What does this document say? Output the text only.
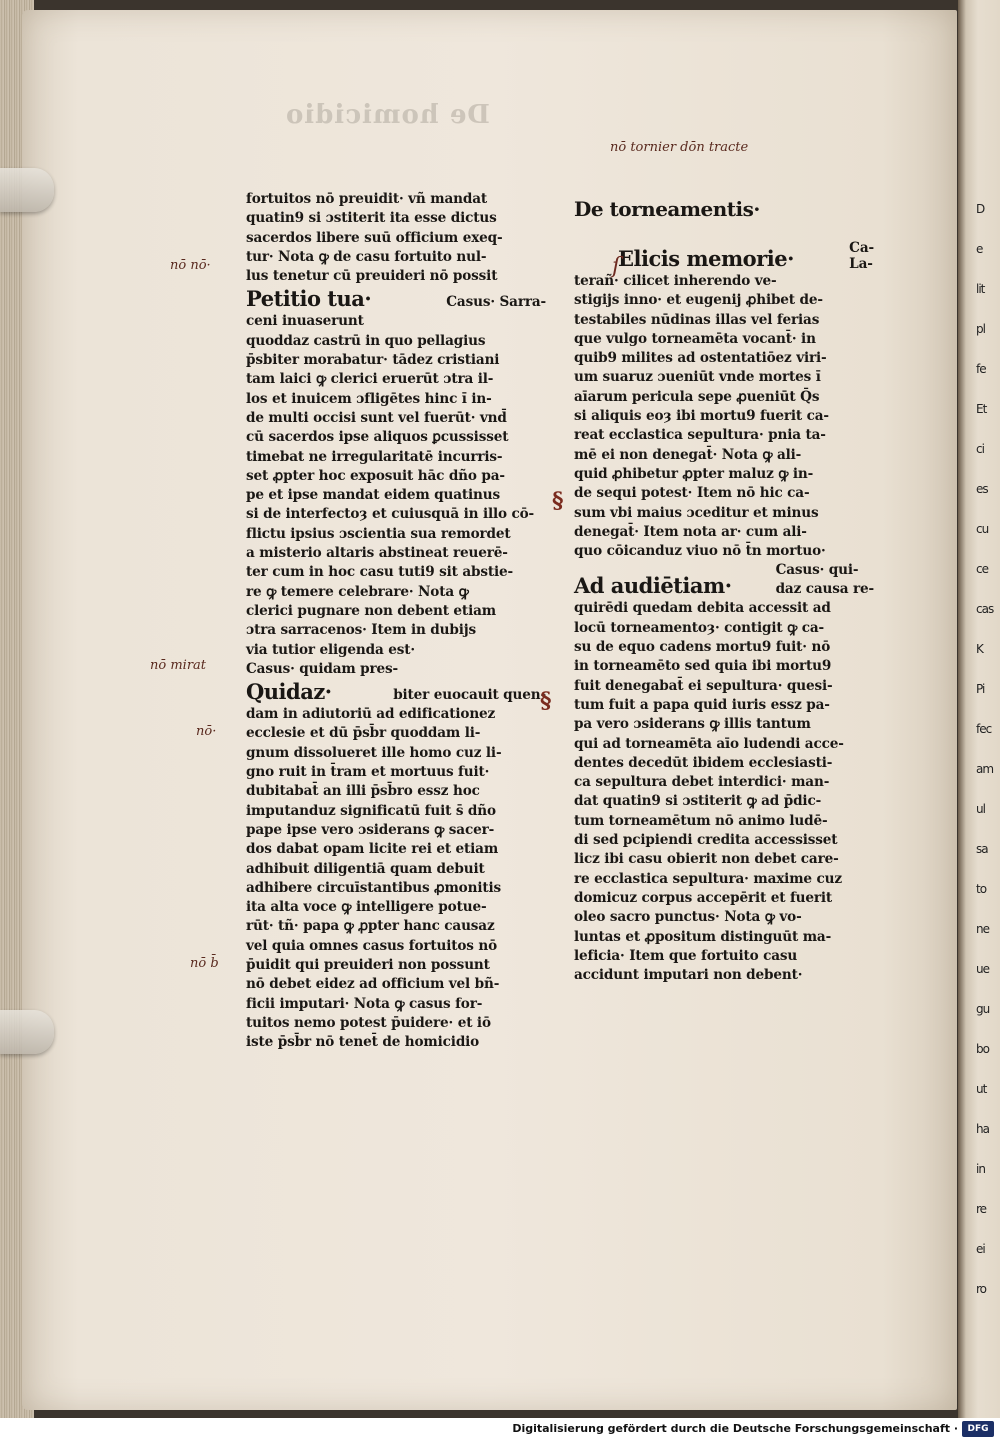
De homicidio

nō tornier dōn tracte
fortuitos nō preuidit· vñ mandat
quatin9 si ɔstiterit ita esse dictus
sacerdos libere suū officium exeq-
tur· Nota ꝙ de casu fortuito nul-
lus tenetur cū preuideri nō possit
Petitio tua·	Casus· Sarra-
ceni inuaserunt
quoddaz castrū in quo pellagius
p̄sbiter morabatur· tādez cristiani
tam laici ꝙ clerici eruerūt ɔtra il-
los et inuicem ɔfligētes hinc ı̄ in-
de multi occisi sunt vel fuerūt· vnd̄
cū sacerdos ipse aliquos ꝑcussisset
timebat ne irregularitatē incurris-
set ꝓpter hoc exposuit hāc dño pa-
pe et ipse mandat eidem quatinus
si de interfectoȝ et cuiusquā in illo cō-
flictu ipsius ɔscientia sua remordet
a misterio altaris abstineat reuerē-
ter cum in hoc casu tuti9 sit abstie-
re ꝙ temere celebrare· Nota ꝙ
clerici pugnare non debent etiam
ɔtra sarracenos· Item in dubijs
via tutior eligenda est·
Casus· quidam pres-
Quidaz·	biter euocauit quen-
dam in adiutoriū ad edificationez
ecclesie et dū p̄sb̄r quoddam li-
gnum dissolueret ille homo cuz li-
gno ruit in t̄ram et mortuus fuit·
dubitabat̄ an illi p̄sb̄ro essz hoc
imputanduz significatū fuit s̄ dño
pape ipse vero ɔsiderans ꝙ sacer-
dos dabat opam licite rei et etiam
adhibuit diligentiā quam debuit
adhibere circuīstantibus ꝓmonitis
ita alta voce ꝙ intelligere potue-
rūt· tñ· papa ꝙ ꝓpter hanc causaz
vel quia omnes casus fortuitos nō
p̄uidit qui preuideri non possunt
nō debet eidez ad officium vel bñ-
ficii imputari· Nota ꝙ casus for-
tuitos nemo potest p̄uidere· et iō
iste p̄sb̄r nō tenet̄ de homicidio
De torneamentis·
Elicis memorie·	Ca-
La-
terañ· cilicet inherendo ve-
stigijs inno· et eugenij ꝓhibet de-
testabiles nūdinas illas vel ferias
que vulgo torneamēta vocant̄· in
quib9 milites ad ostentatiōez viri-
um suaruz ɔueniūt vnde mortes ı̄
aīarum pericula sepe ꝓueniūt Q̄s
si aliquis eoȝ ibi mortu9 fuerit ca-
reat ecclastica sepultura· pnia ta-
mē ei non denegat̄· Nota ꝙ ali-
quid ꝓhibetur ꝓpter maluz ꝙ in-
de sequi potest· Item nō hic ca-
sum vbi maius ɔceditur et minus
denegat̄· Item nota ar· cum ali-
quo cōicanduz viuo nō t̄n mortuo·
Ad audiētiam·
Casus· qui-
daz causa re-
quirēdi quedam debita accessit ad
locū torneamentoȝ· contigit ꝙ ca-
su de equo cadens mortu9 fuit· nō
in torneamēto sed quia ibi mortu9
fuit denegabat̄ ei sepultura· quesi-
tum fuit a papa quid iuris essz pa-
pa vero ɔsiderans ꝙ illis tantum
qui ad torneamēta aīo ludendi acce-
dentes decedūt ibidem ecclesiasti-
ca sepultura debet interdici· man-
dat quatin9 si ɔstiterit ꝙ ad p̄dic-
tum torneamētum nō animo ludē-
di sed pcipiendi credita accessisset
licz ibi casu obierit non debet care-
re ecclastica sepultura· maxime cuz
domicuz corpus accepērit et fuerit
oleo sacro punctus· Nota ꝙ vo-
luntas et ꝓpositum distinguūt ma-
leficia· Item que fortuito casu
accidunt imputari non debent·
ſ
§
§
nō nō·
nō mirat
nō b̄
nō·
D
e
lit
pl
fe
Et
ci
es
cu
ce
cas
K
Pi
fec
am
ul
sa
to
ne
ue
gu
bo
ut
ha
in
re
ei
ro
Digitalisierung gefördert durch die Deutsche Forschungsgemeinschaft ·	DFG
